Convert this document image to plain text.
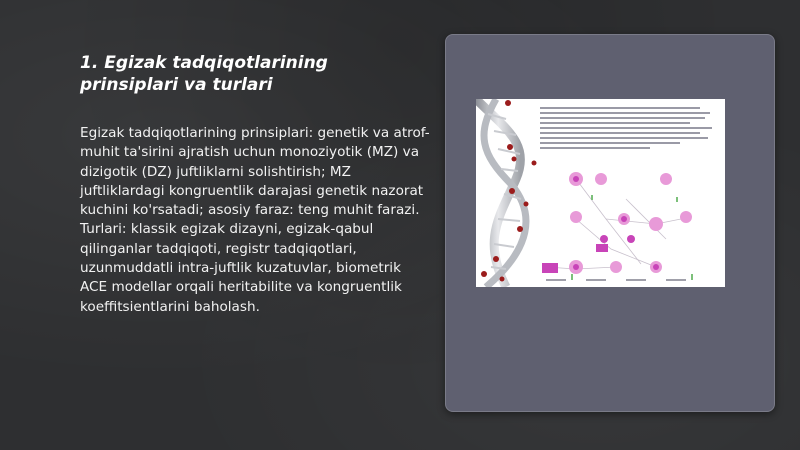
1. Egizak tadqiqotlarining prinsiplari va turlari

Egizak tadqiqotlarining prinsiplari: genetik va atrof-muhit ta'sirini ajratish uchun monoziyotik (MZ) va dizigotik (DZ) juftliklarni solishtirish; MZ juftliklardagi kongruentlik darajasi genetik nazorat kuchini ko'rsatadi; asosiy faraz: teng muhit farazi. Turlari: klassik egizak dizayni, egizak-qabul qilinganlar tadqiqoti, registr tadqiqotlari, uzunmuddatli intra-juftlik kuzatuvlar, biometrik ACE modellar orqali heritabilite va kongruentlik koeffitsientlarini baholash.
